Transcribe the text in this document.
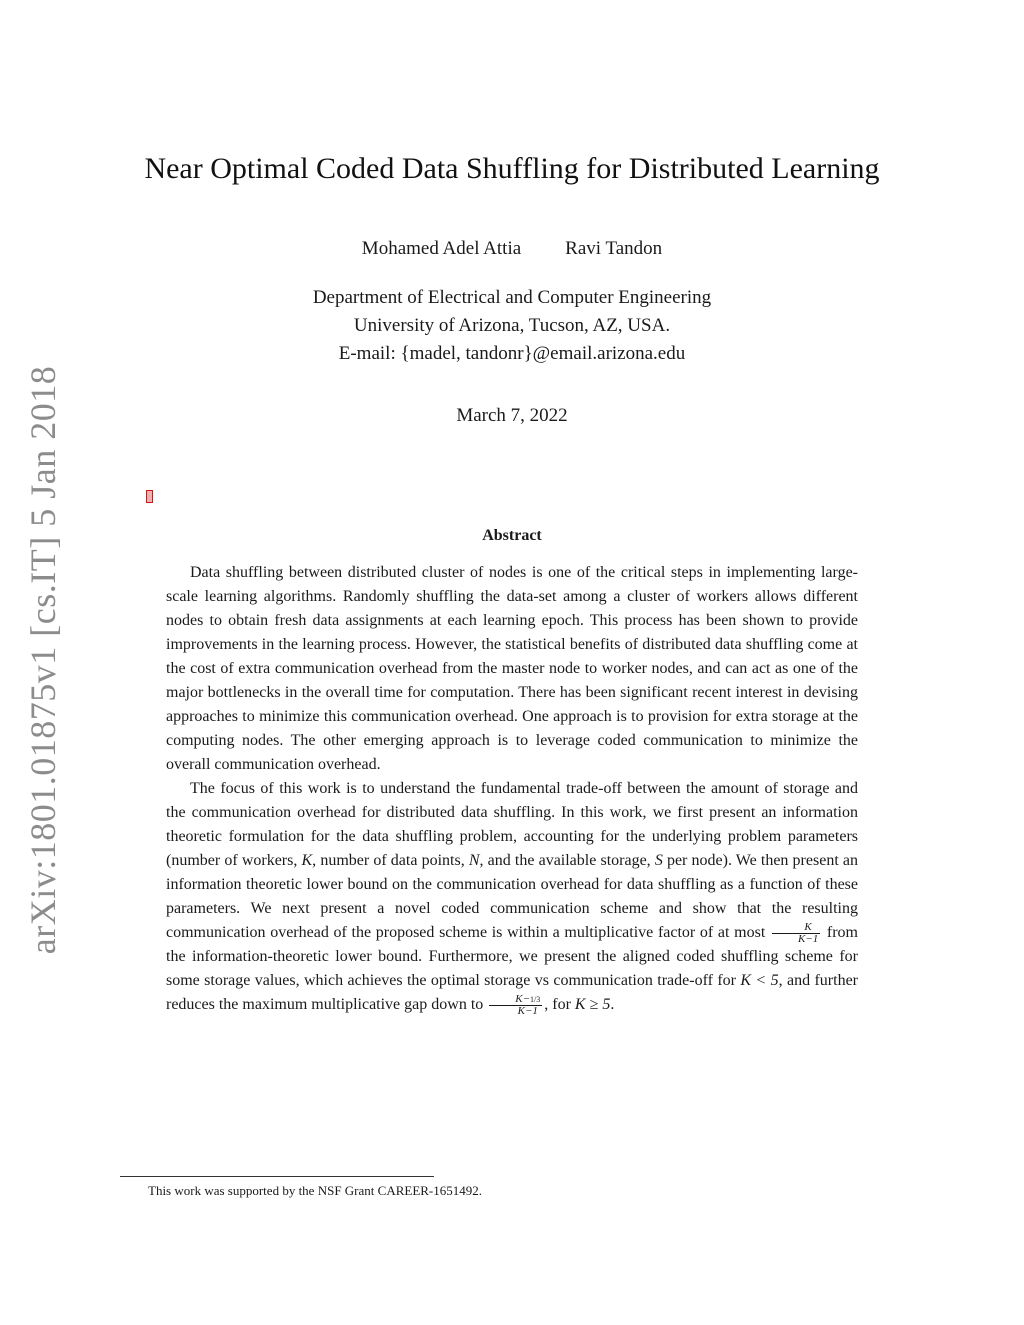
arXiv:1801.01875v1 [cs.IT] 5 Jan 2018
Near Optimal Coded Data Shuffling for Distributed Learning
Mohamed Adel Attia Ravi Tandon
Department of Electrical and Computer Engineering
University of Arizona, Tucson, AZ, USA.
E-mail: {madel, tandonr}@email.arizona.edu
March 7, 2022
Abstract

Data shuffling between distributed cluster of nodes is one of the critical steps in implementing large-scale learning algorithms. Randomly shuffling the data-set among a cluster of workers allows different nodes to obtain fresh data assignments at each learning epoch. This process has been shown to provide improvements in the learning process. However, the statistical benefits of distributed data shuffling come at the cost of extra communication overhead from the master node to worker nodes, and can act as one of the major bottlenecks in the overall time for computation. There has been significant recent interest in devising approaches to minimize this communication overhead. One approach is to provision for extra storage at the computing nodes. The other emerging approach is to leverage coded communication to minimize the overall communication overhead.

The focus of this work is to understand the fundamental trade-off between the amount of storage and the communication overhead for distributed data shuffling. In this work, we first present an information theoretic formulation for the data shuffling problem, accounting for the underlying problem parameters (number of workers, K, number of data points, N, and the available storage, S per node). We then present an information theoretic lower bound on the communication overhead for data shuffling as a function of these parameters. We next present a novel coded communication scheme and show that the resulting communication overhead of the proposed scheme is within a multiplicative factor of at most $\frac{K}{K-1}$ from the information-theoretic lower bound. Furthermore, we present the aligned coded shuffling scheme for some storage values, which achieves the optimal storage vs communication trade-off for K < 5, and further reduces the maximum multiplicative gap down to $\frac{K-1/3}{K-1}$ , for K ≥ 5.

This work was supported by the NSF Grant CAREER-1651492.
